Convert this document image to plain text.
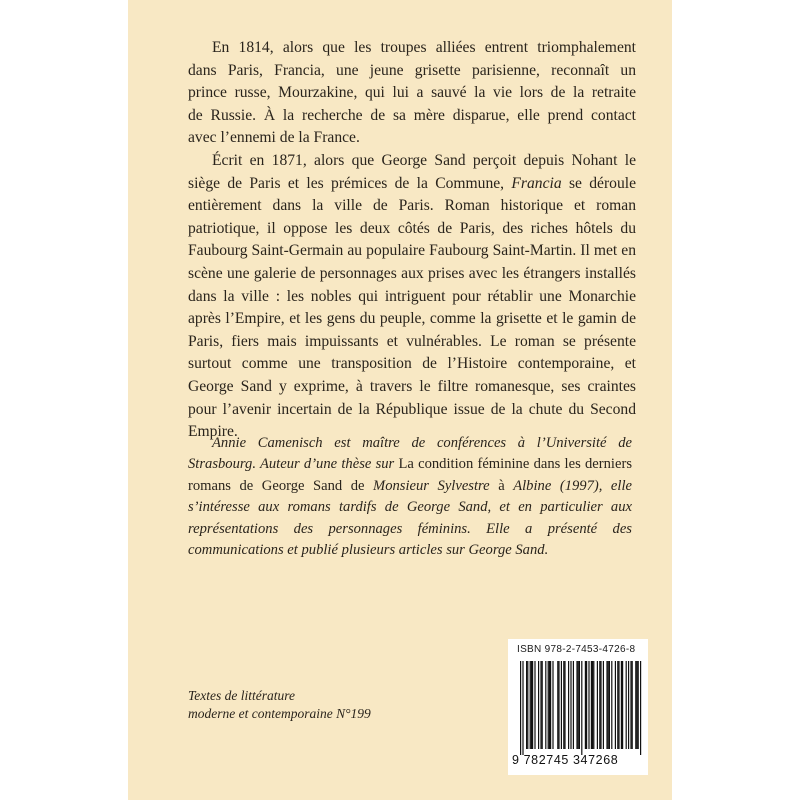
En 1814, alors que les troupes alliées entrent triomphalement
dans Paris, Francia, une jeune grisette parisienne, reconnaît un
prince russe, Mourzakine, qui lui a sauvé la vie lors de la retraite
de Russie. À la recherche de sa mère disparue, elle prend contact
avec l’ennemi de la France.

Écrit en 1871, alors que George Sand perçoit depuis Nohant le siège de Paris et les prémices de la Commune, Francia se déroule entièrement dans la ville de Paris. Roman historique et roman patriotique, il oppose les deux côtés de Paris, des riches hôtels du Faubourg Saint-Germain au populaire Faubourg Saint-Martin. Il met en scène une galerie de personnages aux prises avec les étrangers installés dans la ville : les nobles qui intriguent pour rétablir une Monarchie après l’Empire, et les gens du peuple, comme la grisette et le gamin de Paris, fiers mais impuissants et vulnérables. Le roman se présente surtout comme une transposition de l’Histoire contemporaine, et George Sand y exprime, à travers le filtre romanesque, ses craintes pour l’avenir incertain de la République issue de la chute du Second Empire.

Annie Camenisch est maître de conférences à l’Université de Strasbourg. Auteur d’une thèse sur La condition féminine dans les derniers romans de George Sand de Monsieur Sylvestre à Albine (1997), elle s’intéresse aux romans tardifs de George Sand, et en particulier aux représentations des personnages féminins. Elle a présenté des communications et publié plusieurs articles sur George Sand.

Textes de littérature
moderne et contemporaine N°199

ISBN 978-2-7453-4726-8
9 782745 347268
